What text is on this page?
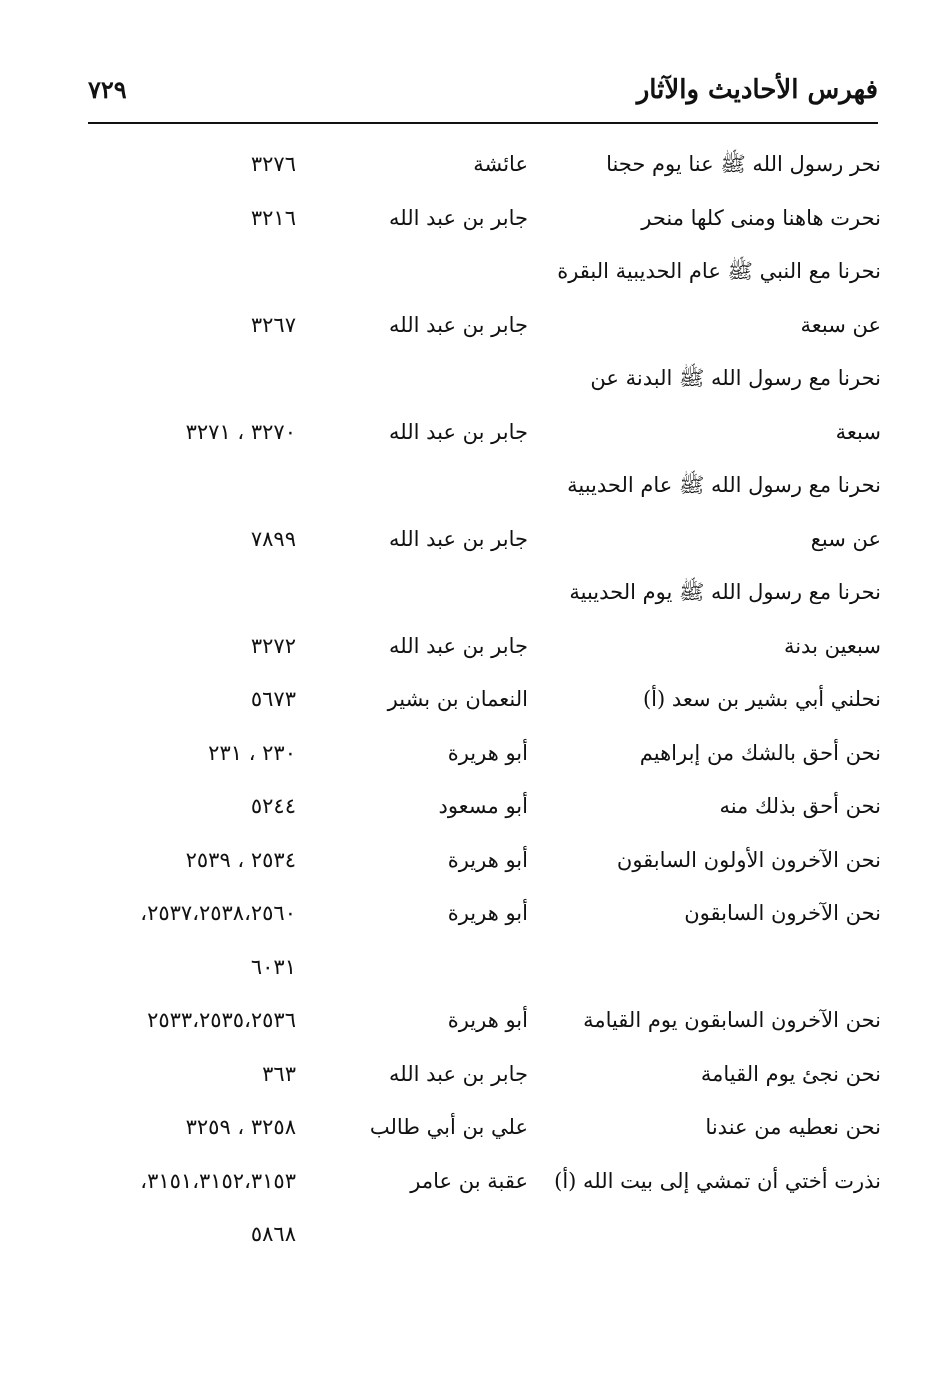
فهرس الأحاديث والآثار
٧٢٩
نحر رسول الله ﷺ عنا يوم حجنا
عائشة
٣٢٧٦
نحرت هاهنا ومنى كلها منحر
جابر بن عبد الله
٣٢١٦
نحرنا مع النبي ﷺ عام الحديبية البقرة
عن سبعة
جابر بن عبد الله
٣٢٦٧
نحرنا مع رسول الله ﷺ البدنة عن
سبعة
جابر بن عبد الله
٣٢٧٠ ، ٣٢٧١
نحرنا مع رسول الله ﷺ عام الحديبية
عن سبع
جابر بن عبد الله
٧٨٩٩
نحرنا مع رسول الله ﷺ يوم الحديبية
سبعين بدنة
جابر بن عبد الله
٣٢٧٢
نحلني أبي بشير بن سعد (أ)
النعمان بن بشير
٥٦٧٣
نحن أحق بالشك من إبراهيم
أبو هريرة
٢٣٠ ، ٢٣١
نحن أحق بذلك منه
أبو مسعود
٥٢٤٤
نحن الآخرون الأولون السابقون
أبو هريرة
٢٥٣٤ ، ٢٥٣٩
نحن الآخرون السابقون
أبو هريرة
٢٥٣٧،٢٥٣٨،٢٥٦٠،
٦٠٣١
نحن الآخرون السابقون يوم القيامة
أبو هريرة
٢٥٣٣،٢٥٣٥،٢٥٣٦
نحن نجئ يوم القيامة
جابر بن عبد الله
٣٦٣
نحن نعطيه من عندنا
علي بن أبي طالب
٣٢٥٨ ، ٣٢٥٩
نذرت أختي أن تمشي إلى بيت الله (أ)
عقبة بن عامر
٣١٥١،٣١٥٢،٣١٥٣،
٥٨٦٨
